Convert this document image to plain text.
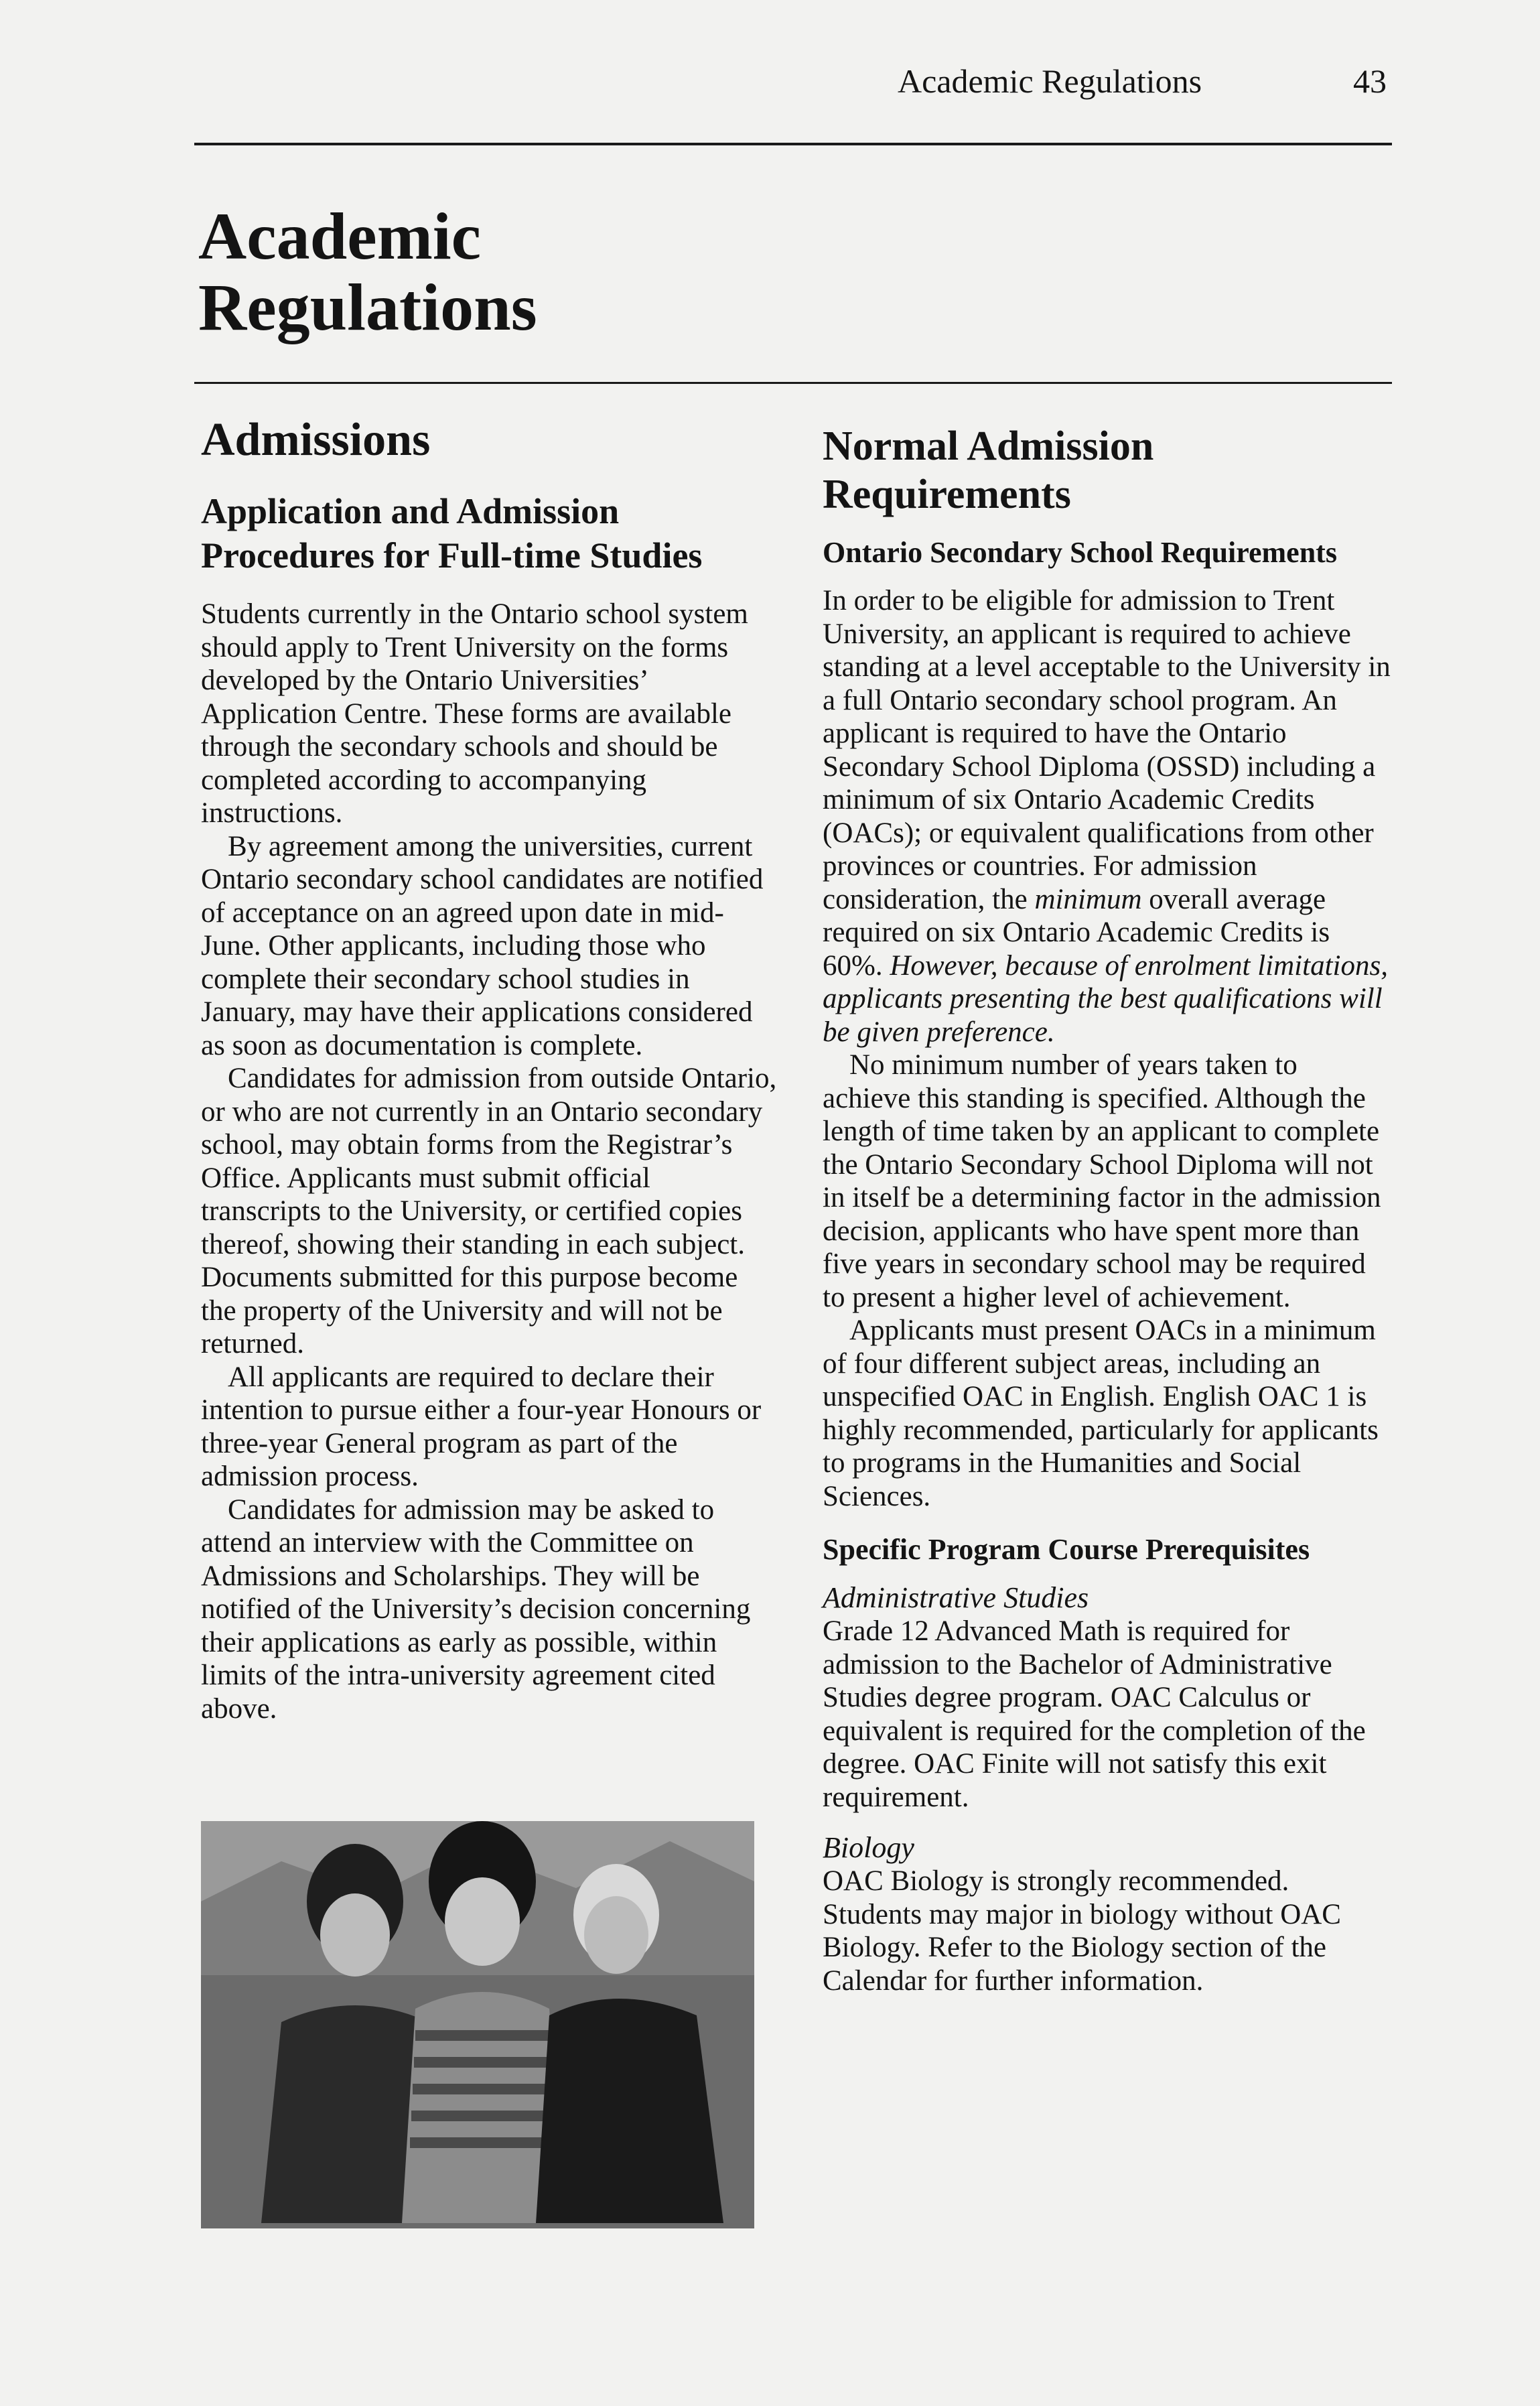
Academic Regulations	43
Academic Regulations
Admissions
Application and Admission Procedures for Full-time Studies

Students currently in the Ontario school system should apply to Trent University on the forms developed by the Ontario Universities’ Application Centre. These forms are available through the secondary schools and should be completed according to accompanying instructions.

By agreement among the universities, current Ontario secondary school candidates are notified of acceptance on an agreed upon date in mid-June. Other applicants, including those who complete their secondary school studies in January, may have their applications considered as soon as documentation is complete.

Candidates for admission from outside Ontario, or who are not currently in an Ontario secondary school, may obtain forms from the Registrar’s Office. Applicants must submit official transcripts to the University, or certified copies thereof, showing their standing in each subject. Documents submitted for this purpose become the property of the University and will not be returned.

All applicants are required to declare their intention to pursue either a four-year Honours or three-year General program as part of the admission process.

Candidates for admission may be asked to attend an interview with the Committee on Admissions and Scholarships. They will be notified of the University’s decision concerning their applications as early as possible, within limits of the intra-university agreement cited above.

Normal Admission Requirements
Ontario Secondary School Requirements

In order to be eligible for admission to Trent University, an applicant is required to achieve standing at a level acceptable to the University in a full Ontario secondary school program. An applicant is required to have the Ontario Secondary School Diploma (OSSD) including a minimum of six Ontario Academic Credits (OACs); or equivalent qualifications from other provinces or countries. For admission consideration, the minimum overall average required on six Ontario Academic Credits is 60%. However, because of enrolment limitations, applicants presenting the best qualifications will be given preference.

No minimum number of years taken to achieve this standing is specified. Although the length of time taken by an applicant to complete the Ontario Secondary School Diploma will not in itself be a determining factor in the admission decision, applicants who have spent more than five years in secondary school may be required to present a higher level of achievement.

Applicants must present OACs in a minimum of four different subject areas, including an unspecified OAC in English. English OAC 1 is highly recommended, particularly for applicants to programs in the Humanities and Social Sciences.

Specific Program Course Prerequisites

Administrative Studies

Grade 12 Advanced Math is required for admission to the Bachelor of Administrative Studies degree program. OAC Calculus or equivalent is required for the completion of the degree. OAC Finite will not satisfy this exit requirement.

Biology

OAC Biology is strongly recommended. Students may major in biology without OAC Biology. Refer to the Biology section of the Calendar for further information.
